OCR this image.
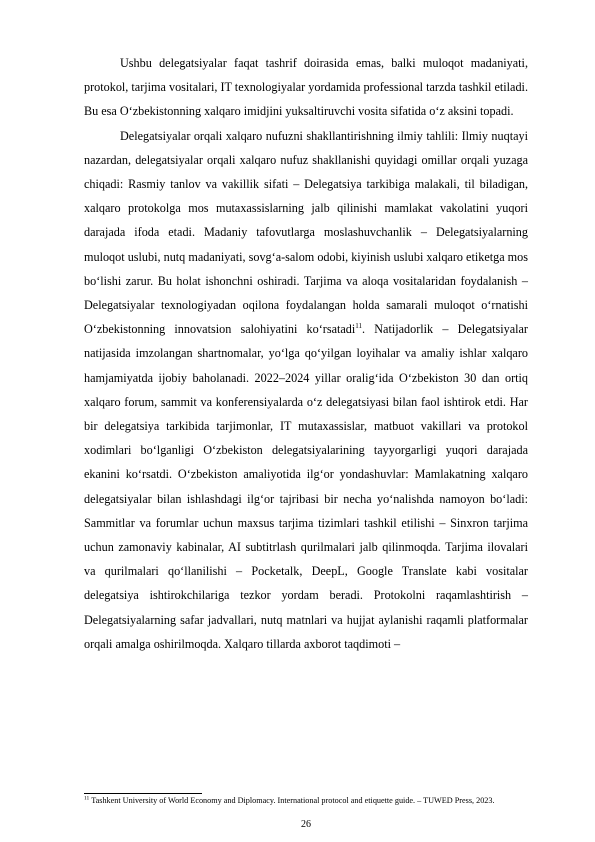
Ushbu delegatsiyalar faqat tashrif doirasida emas, balki muloqot madaniyati, protokol, tarjima vositalari, IT texnologiyalar yordamida professional tarzda tashkil etiladi. Bu esa O‘zbekistonning xalqaro imidjini yuksaltiruvchi vosita sifatida o‘z aksini topadi.

Delegatsiyalar orqali xalqaro nufuzni shakllantirishning ilmiy tahlili: Ilmiy nuqtayi nazardan, delegatsiyalar orqali xalqaro nufuz shakllanishi quyidagi omillar orqali yuzaga chiqadi: Rasmiy tanlov va vakillik sifati – Delegatsiya tarkibiga malakali, til biladigan, xalqaro protokolga mos mutaxassislarning jalb qilinishi mamlakat vakolatini yuqori darajada ifoda etadi. Madaniy tafovutlarga moslashuvchanlik – Delegatsiyalarning muloqot uslubi, nutq madaniyati, sovg‘a-salom odobi, kiyinish uslubi xalqaro etiketga mos bo‘lishi zarur. Bu holat ishonchni oshiradi. Tarjima va aloqa vositalaridan foydalanish – Delegatsiyalar texnologiyadan oqilona foydalangan holda samarali muloqot o‘rnatishi O‘zbekistonning innovatsion salohiyatini ko‘rsatadi$^{11}$. Natijadorlik – Delegatsiyalar natijasida imzolangan shartnomalar, yo‘lga qo‘yilgan loyihalar va amaliy ishlar xalqaro hamjamiyatda ijobiy baholanadi. 2022–2024 yillar oralig‘ida O‘zbekiston 30 dan ortiq xalqaro forum, sammit va konferensiyalarda o‘z delegatsiyasi bilan faol ishtirok etdi. Har bir delegatsiya tarkibida tarjimonlar, IT mutaxassislar, matbuot vakillari va protokol xodimlari bo‘lganligi O‘zbekiston delegatsiyalarining tayyorgarligi yuqori darajada ekanini ko‘rsatdi. O‘zbekiston amaliyotida ilg‘or yondashuvlar: Mamlakatning xalqaro delegatsiyalar bilan ishlashdagi ilg‘or tajribasi bir necha yo‘nalishda namoyon bo‘ladi: Sammitlar va forumlar uchun maxsus tarjima tizimlari tashkil etilishi – Sinxron tarjima uchun zamonaviy kabinalar, AI subtitrlash qurilmalari jalb qilinmoqda. Tarjima ilovalari va qurilmalari qo‘llanilishi – Pocketalk, DeepL, Google Translate kabi vositalar delegatsiya ishtirokchilariga tezkor yordam beradi. Protokolni raqamlashtirish – Delegatsiyalarning safar jadvallari, nutq matnlari va hujjat aylanishi raqamli platformalar orqali amalga oshirilmoqda. Xalqaro tillarda axborot taqdimoti –

$^{11}$ Tashkent University of World Economy and Diplomacy. International protocol and etiquette guide. – TUWED Press, 2023.
26
